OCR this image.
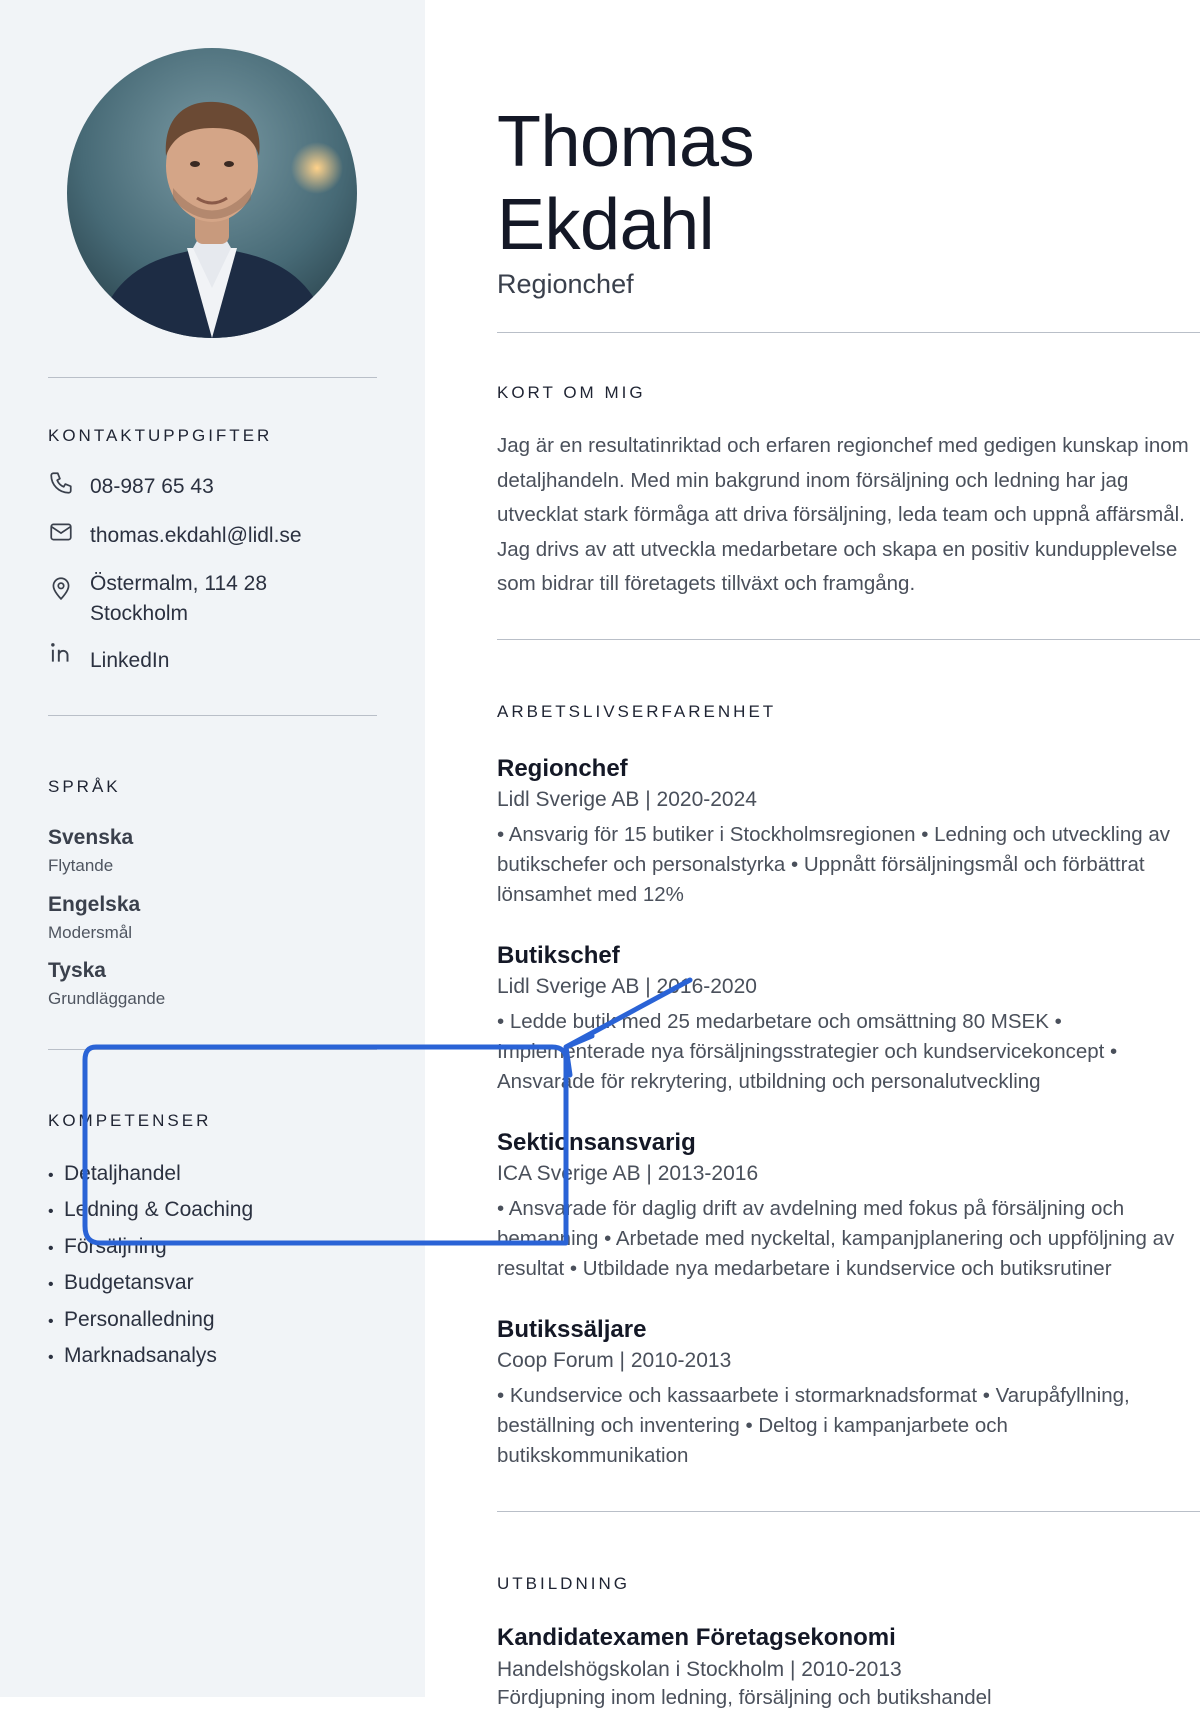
KONTAKTUPPGIFTER
08-987 65 43
thomas.ekdahl@lidl.se
Östermalm, 114 28
Stockholm
LinkedIn
SPRÅK
Svenska
Flytande
Engelska
Modersmål
Tyska
Grundläggande
KOMPETENSER
• Detaljhandel
• Ledning & Coaching
• Försäljning
• Budgetansvar
• Personalledning
• Marknadsanalys
Thomas
Ekdahl
Regionchef
KORT OM MIG

Jag är en resultatinriktad och erfaren regionchef med gedigen kunskap inom detaljhandeln. Med min bakgrund inom försäljning och ledning har jag utvecklat stark förmåga att driva försäljning, leda team och uppnå affärsmål. Jag drivs av att utveckla medarbetare och skapa en positiv kundupplevelse som bidrar till företagets tillväxt och framgång.

ARBETSLIVSERFARENHET
Regionchef
Lidl Sverige AB | 2020-2024
• Ansvarig för 15 butiker i Stockholmsregionen • Ledning och utveckling av butikschefer och personalstyrka • Uppnått försäljningsmål och förbättrat lönsamhet med 12%
Butikschef
Lidl Sverige AB | 2016-2020
• Ledde butik med 25 medarbetare och omsättning 80 MSEK • Implementerade nya försäljningsstrategier och kundservicekoncept • Ansvarade för rekrytering, utbildning och personalutveckling
Sektionsansvarig
ICA Sverige AB | 2013-2016
• Ansvarade för daglig drift av avdelning med fokus på försäljning och bemanning • Arbetade med nyckeltal, kampanjplanering och uppföljning av resultat • Utbildade nya medarbetare i kundservice och butiksrutiner
Butikssäljare
Coop Forum | 2010-2013
• Kundservice och kassaarbete i stormarknadsformat • Varupåfyllning, beställning och inventering • Deltog i kampanjarbete och butikskommunikation
UTBILDNING
Kandidatexamen Företagsekonomi
Handelshögskolan i Stockholm | 2010-2013
Fördjupning inom ledning, försäljning och butikshandel
